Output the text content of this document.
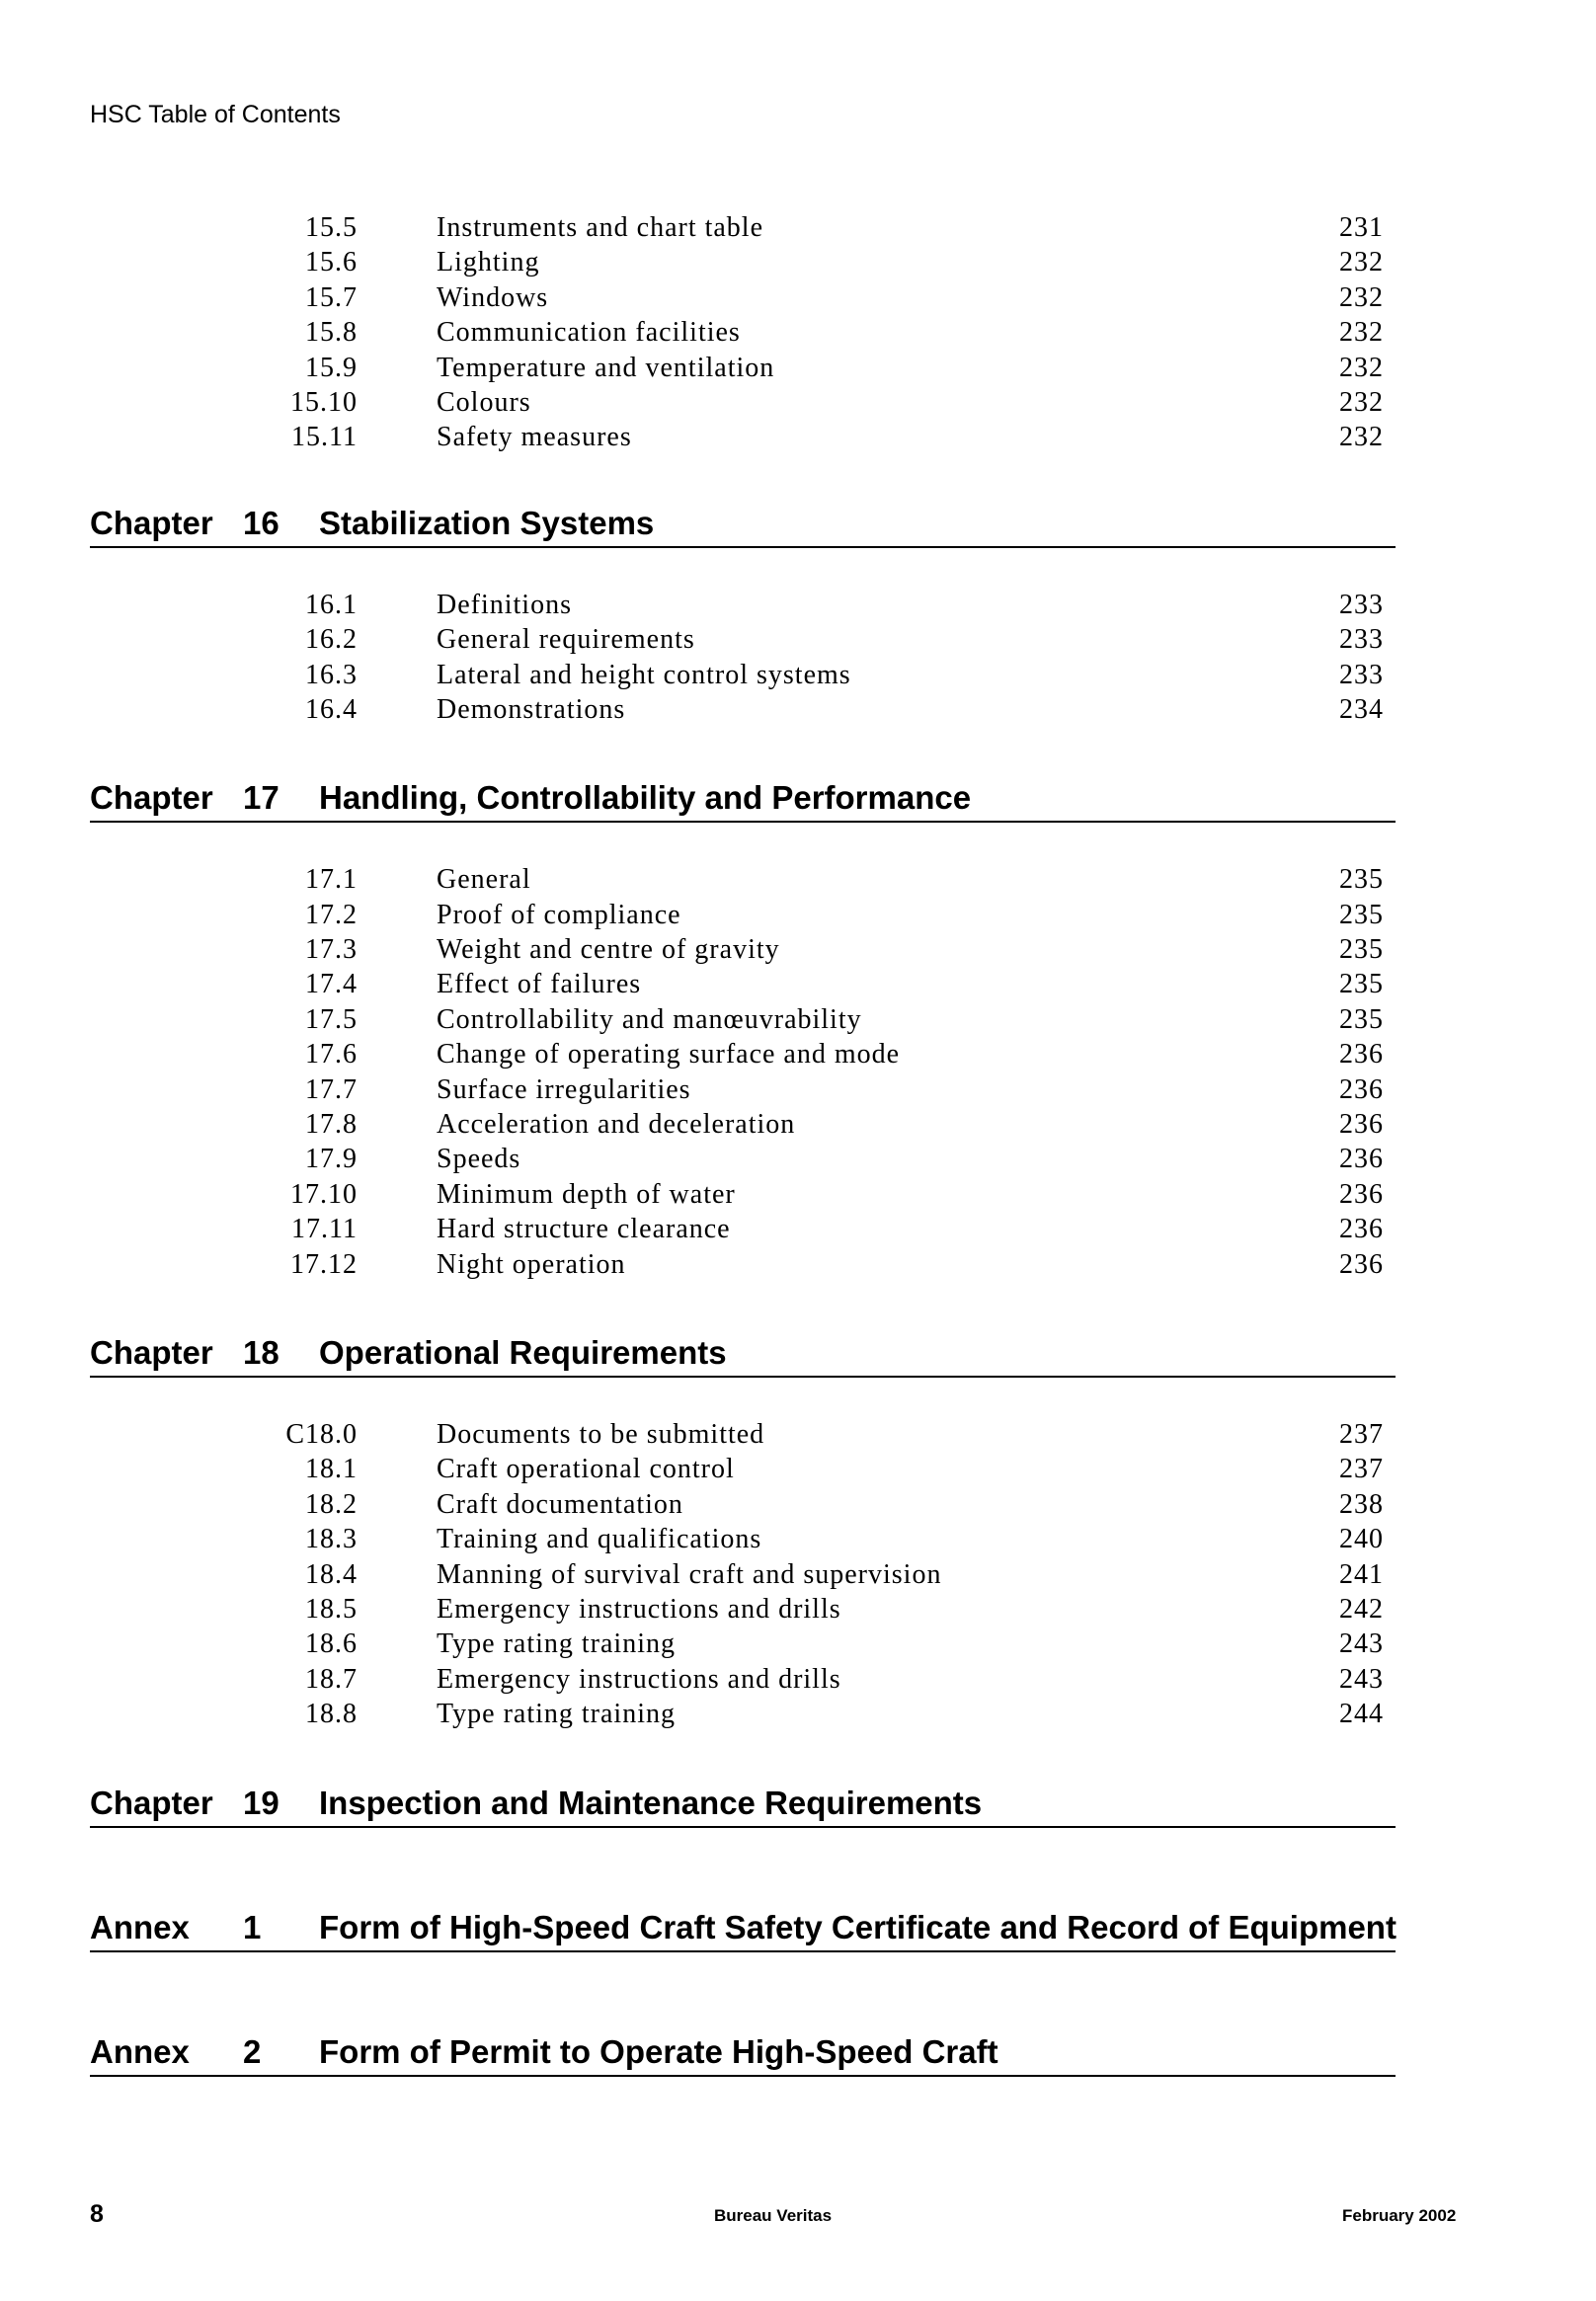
HSC Table of Contents
15.5	Instruments and chart table	231
15.6	Lighting	232
15.7	Windows	232
15.8	Communication facilities	232
15.9	Temperature and ventilation	232
15.10	Colours	232
15.11	Safety measures	232
Chapter 16 Stabilization Systems
16.1	Definitions	233
16.2	General requirements	233
16.3	Lateral and height control systems	233
16.4	Demonstrations	234
Chapter 17 Handling, Controllability and Performance
17.1	General	235
17.2	Proof of compliance	235
17.3	Weight and centre of gravity	235
17.4	Effect of failures	235
17.5	Controllability and manœuvrability	235
17.6	Change of operating surface and mode	236
17.7	Surface irregularities	236
17.8	Acceleration and deceleration	236
17.9	Speeds	236
17.10	Minimum depth of water	236
17.11	Hard structure clearance	236
17.12	Night operation	236
Chapter 18 Operational Requirements
C18.0	Documents to be submitted	237
18.1	Craft operational control	237
18.2	Craft documentation	238
18.3	Training and qualifications	240
18.4	Manning of survival craft and supervision	241
18.5	Emergency instructions and drills	242
18.6	Type rating training	243
18.7	Emergency instructions and drills	243
18.8	Type rating training	244
Chapter 19 Inspection and Maintenance Requirements
Annex 1 Form of High-Speed Craft Safety Certificate and Record of Equipment
Annex 2 Form of Permit to Operate High-Speed Craft
8	Bureau Veritas	February 2002
